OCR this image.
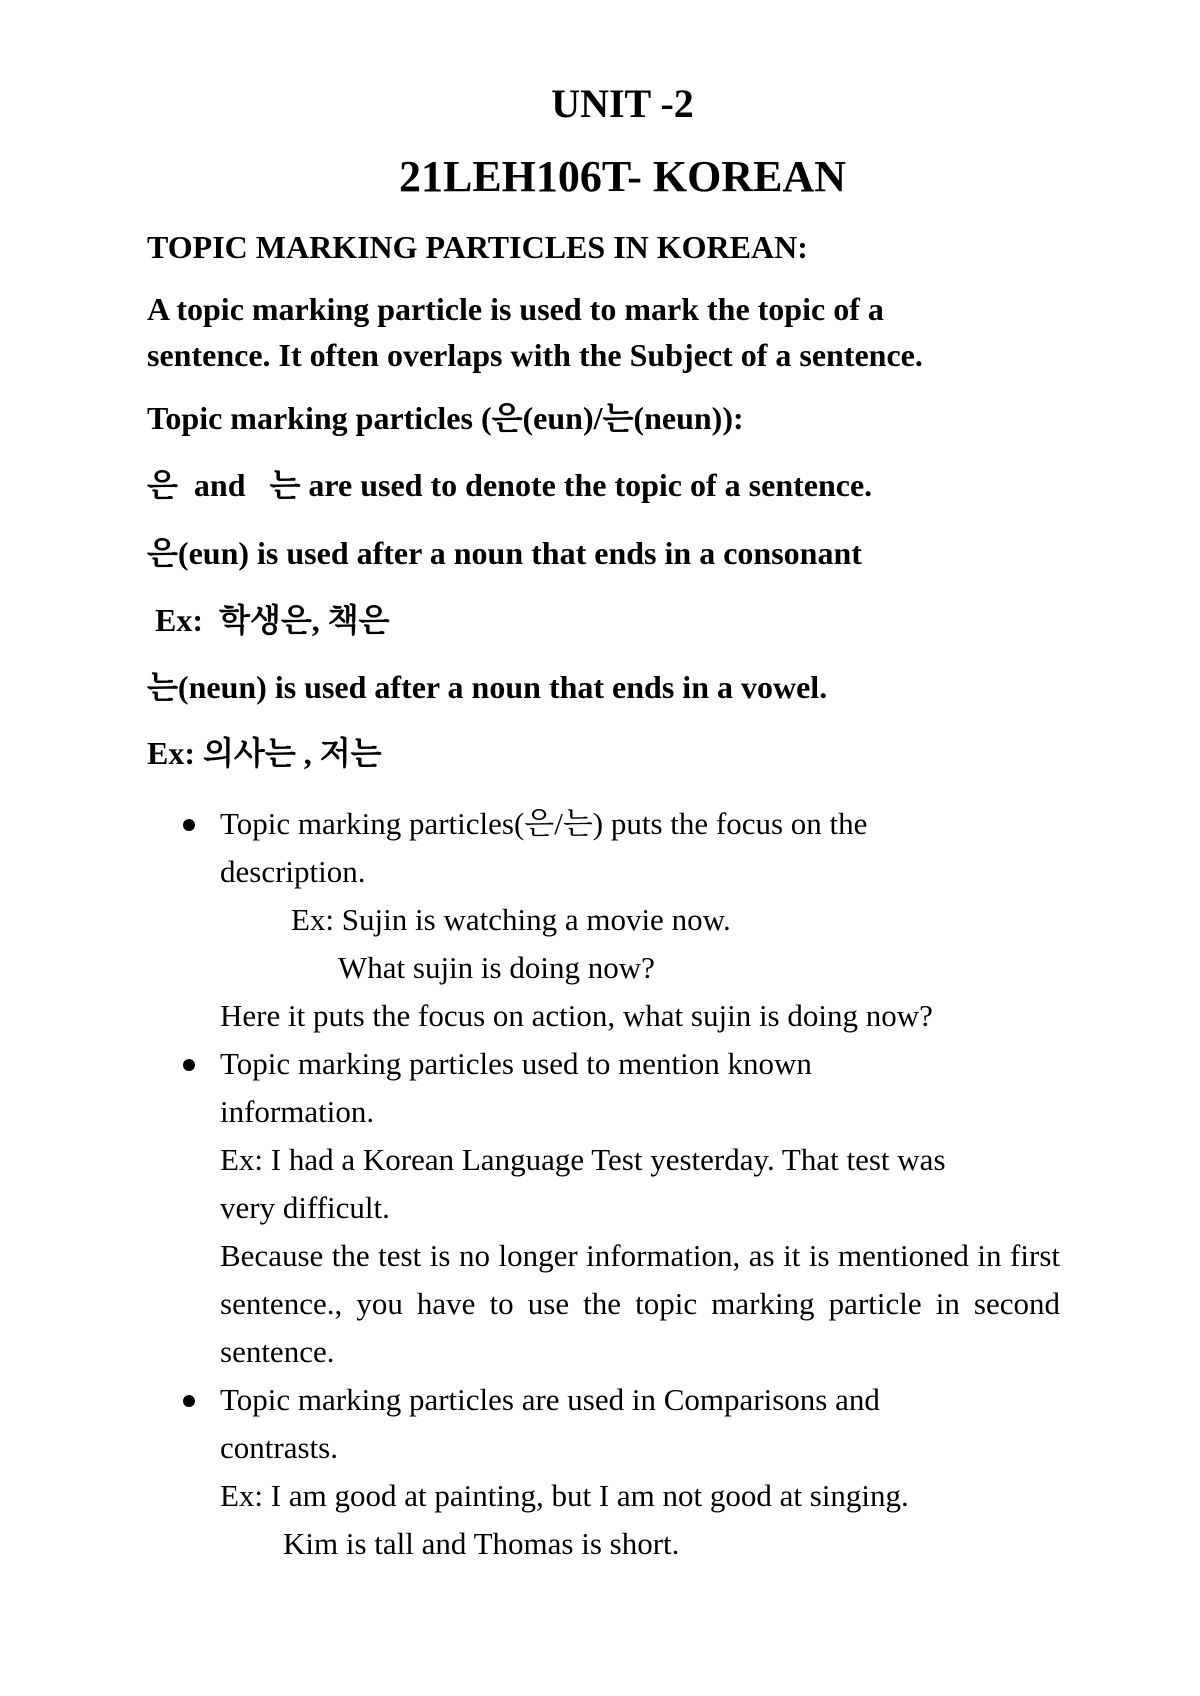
UNIT -2
21LEH106T- KOREAN
TOPIC MARKING PARTICLES IN KOREAN:
A topic marking particle is used to mark the topic of a
sentence. It often overlaps with the Subject of a sentence.
Topic marking particles (은(eun)/는(neun)):
은  and   는 are used to denote the topic of a sentence.
은(eun) is used after a noun that ends in a consonant
Ex:  학생은, 책은
는(neun) is used after a noun that ends in a vowel.
Ex: 의사는 , 저는

Topic marking particles(은/는) puts the focus on the

description.

Ex: Sujin is watching a movie now.

What sujin is doing now?

Here it puts the focus on action, what sujin is doing now?

Topic marking particles used to mention known

information.

Ex: I had a Korean Language Test yesterday. That test was

very difficult.

Because the test is no longer information, as it is mentioned in first sentence., you have to use the topic marking particle in second sentence.

Topic marking particles are used in Comparisons and

contrasts.

Ex: I am good at painting, but I am not good at singing.

Kim is tall and Thomas is short.
